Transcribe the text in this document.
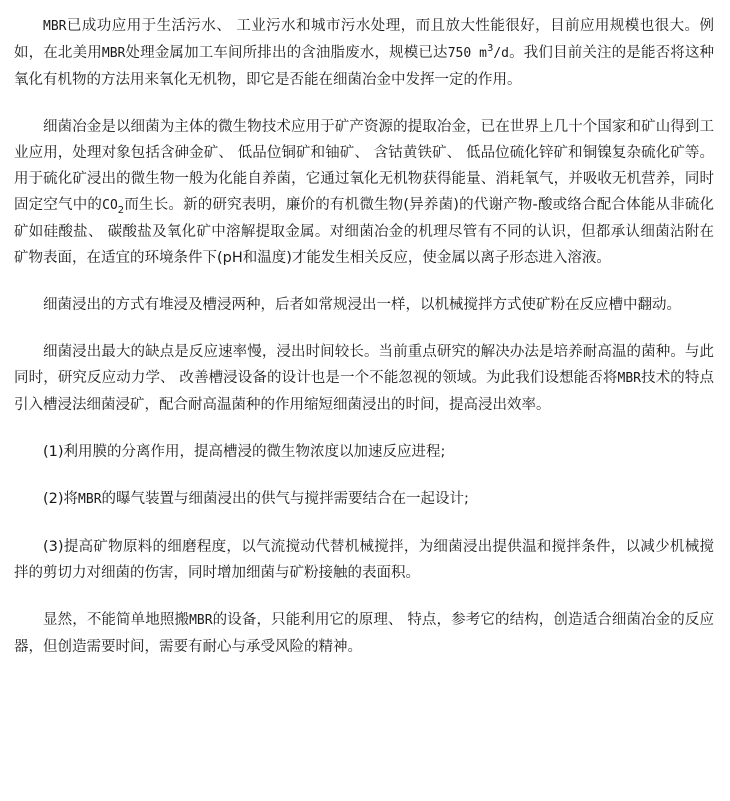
MBR已成功应用于生活污水、 工业污水和城市污水处理，而且放大性能很好，目前应用规模也很大。例如，在北美用MBR处理金属加工车间所排出的含油脂废水，规模已达750 $m^3/d$。我们目前关注的是能否将这种氧化有机物的方法用来氧化无机物，即它是否能在细菌冶金中发挥一定的作用。

细菌冶金是以细菌为主体的微生物技术应用于矿产资源的提取冶金，已在世界上几十个国家和矿山得到工业应用，处理对象包括含砷金矿、 低品位铜矿和铀矿、 含钴黄铁矿、 低品位硫化锌矿和铜镍复杂硫化矿等。用于硫化矿浸出的微生物一般为化能自养菌，它通过氧化无机物获得能量、消耗氧气，并吸收无机营养，同时固定空气中的$CO_2$而生长。新的研究表明，廉价的有机微生物(异养菌)的代谢产物-酸或络合配合体能从非硫化矿如硅酸盐、 碳酸盐及氧化矿中溶解提取金属。对细菌冶金的机理尽管有不同的认识，但都承认细菌沾附在矿物表面，在适宜的环境条件下(pH和温度)才能发生相关反应，使金属以离子形态进入溶液。

细菌浸出的方式有堆浸及槽浸两种，后者如常规浸出一样，以机械搅拌方式使矿粉在反应槽中翻动。

细菌浸出最大的缺点是反应速率慢，浸出时间较长。当前重点研究的解决办法是培养耐高温的菌种。与此同时，研究反应动力学、 改善槽浸设备的设计也是一个不能忽视的领域。为此我们设想能否将MBR技术的特点引入槽浸法细菌浸矿，配合耐高温菌种的作用缩短细菌浸出的时间，提高浸出效率。

(1)利用膜的分离作用，提高槽浸的微生物浓度以加速反应进程;

(2)将MBR的曝气装置与细菌浸出的供气与搅拌需要结合在一起设计;

(3)提高矿物原料的细磨程度，以气流搅动代替机械搅拌，为细菌浸出提供温和搅拌条件，以减少机械搅拌的剪切力对细菌的伤害，同时增加细菌与矿粉接触的表面积。

显然，不能简单地照搬MBR的设备，只能利用它的原理、 特点，参考它的结构，创造适合细菌冶金的反应器，但创造需要时间，需要有耐心与承受风险的精神。
